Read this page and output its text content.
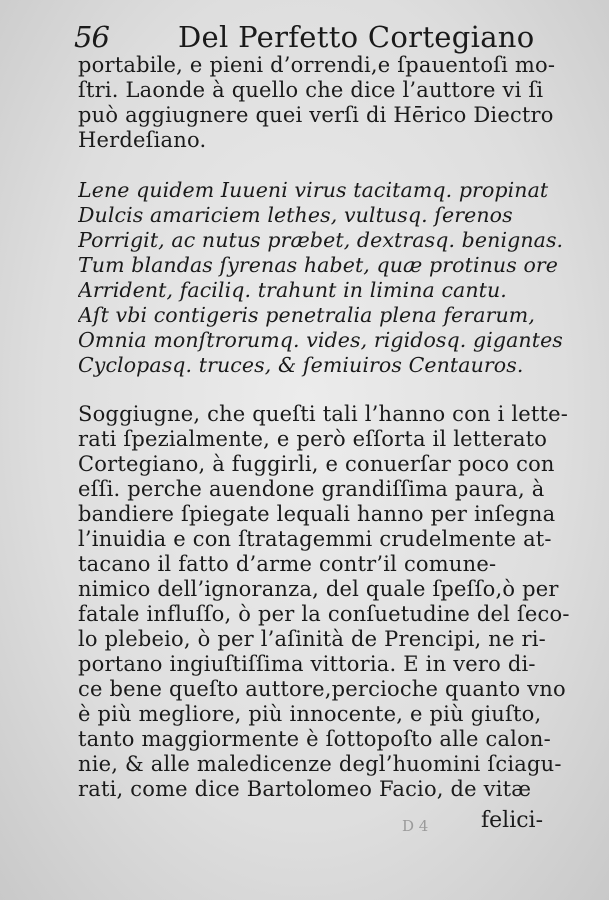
56 Del Perfetto Cortegiano
portabile, e pieni d’orrendi,e ſpauentoſi mo-
ſtri. Laonde à quello che dice l’auttore vi ſi
può aggiugnere quei verſi di Hērico Diectro
Herdeſiano.
Lene quidem Iuueni virus tacitamq. propinat
Dulcis amariciem lethes, vultusq. ſerenos
Porrigit, ac nutus præbet, dextrasq. benignas.
Tum blandas ſyrenas habet, quæ protinus ore
Arrident, faciliq. trahunt in limina cantu.
Aſt vbi contigeris penetralia plena ferarum,
Omnia monſtrorumq. vides, rigidosq. gigantes
Cyclopasq. truces, & ſemiuiros Centauros.
Soggiugne, che queſti tali l’hanno con i lette-
rati ſpezialmente, e però eſſorta il letterato
Cortegiano, à fuggirli, e conuerſar poco con
eſſi. perche auendone grandiſſima paura, à
bandiere ſpiegate lequali hanno per inſegna
l’inuidia e con ſtratagemmi crudelmente at-
tacano il fatto d’arme contr’il comune-
nimico dell’ignoranza, del quale ſpeſſo,ò per
fatale influſſo, ò per la conſuetudine del ſeco-
lo plebeio, ò per l’aſinità de Prencipi, ne ri-
portano ingiuſtiſſima vittoria. E in vero di-
ce bene queſto auttore,percioche quanto vno
è più megliore, più innocente, e più giuſto,
tanto maggiormente è ſottopoſto alle calon-
nie, & alle maledicenze degl’huomini ſciagu-
rati, come dice Bartolomeo Facio, de vitæ
D 4 felici-
